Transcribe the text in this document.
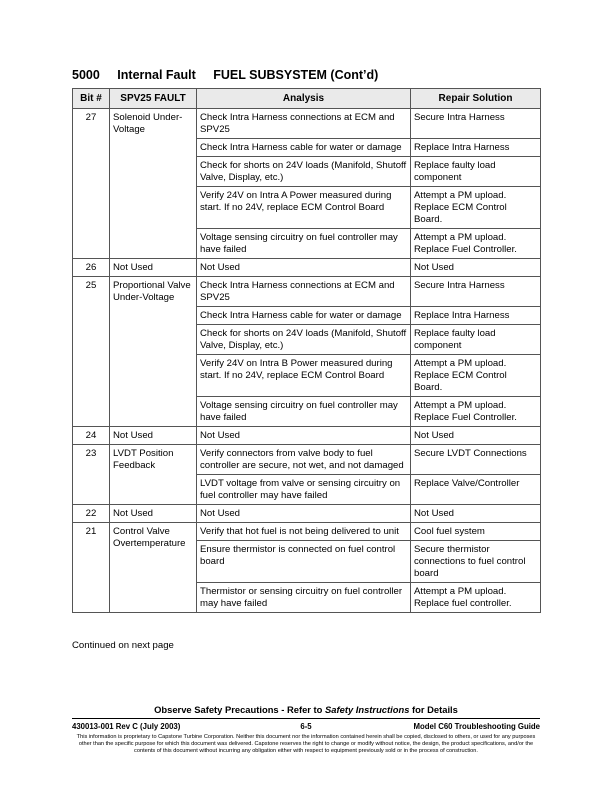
5000 Internal Fault FUEL SUBSYSTEM (Cont’d)
Bit #	SPV25 FAULT	Analysis	Repair Solution
27	Solenoid Under-Voltage	Check Intra Harness connections at ECM and SPV25	Secure Intra Harness
		Check Intra Harness cable for water or damage	Replace Intra Harness
		Check for shorts on 24V loads (Manifold, Shutoff Valve, Display, etc.)	Replace faulty load component
		Verify 24V on Intra A Power measured during start. If no 24V, replace ECM Control Board	Attempt a PM upload. Replace ECM Control Board.
		Voltage sensing circuitry on fuel controller may have failed	Attempt a PM upload. Replace Fuel Controller.
26	Not Used	Not Used	Not Used
25	Proportional Valve Under-Voltage	Check Intra Harness connections at ECM and SPV25	Secure Intra Harness
		Check Intra Harness cable for water or damage	Replace Intra Harness
		Check for shorts on 24V loads (Manifold, Shutoff Valve, Display, etc.)	Replace faulty load component
		Verify 24V on Intra B Power measured during start. If no 24V, replace ECM Control Board	Attempt a PM upload. Replace ECM Control Board.
		Voltage sensing circuitry on fuel controller may have failed	Attempt a PM upload. Replace Fuel Controller.
24	Not Used	Not Used	Not Used
23	LVDT Position Feedback	Verify connectors from valve body to fuel controller are secure, not wet, and not damaged	Secure LVDT Connections
		LVDT voltage from valve or sensing circuitry on fuel controller may have failed	Replace Valve/Controller
22	Not Used	Not Used	Not Used
21	Control Valve Overtemperature	Verify that hot fuel is not being delivered to unit	Cool fuel system
		Ensure thermistor is connected on fuel control board	Secure thermistor connections to fuel control board
		Thermistor or sensing circuitry on fuel controller may have failed	Attempt a PM upload. Replace fuel controller.
Continued on next page
Observe Safety Precautions - Refer to Safety Instructions for Details
430013-001 Rev C (July 2003)	6-5	Model C60 Troubleshooting Guide
This information is proprietary to Capstone Turbine Corporation. Neither this document nor the information contained herein shall be copied, disclosed to others, or used for any purposes other than the specific purpose for which this document was delivered. Capstone reserves the right to change or modify without notice, the design, the product specifications, and/or the contents of this document without incurring any obligation either with respect to equipment previously sold or in the process of construction.
